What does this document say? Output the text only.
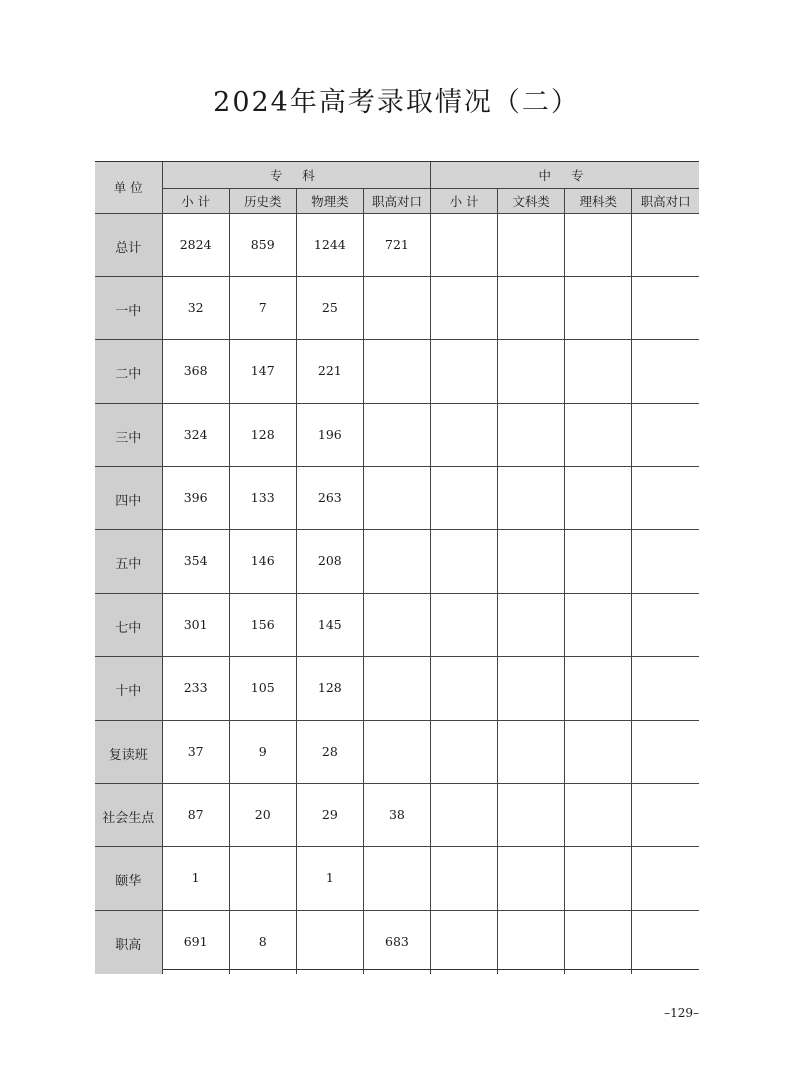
2024年高考录取情况（二）
单 位	专 科				中 专			
	小 计	历史类	物理类	职高对口	小 计	文科类	理科类	职高对口
总计	2824	859	1244	721				
一中	32	7	25					
二中	368	147	221					
三中	324	128	196					
四中	396	133	263					
五中	354	146	208					
七中	301	156	145					
十中	233	105	128					
复读班	37	9	28					
社会生点	87	20	29	38				
颐华	1		1					
职高	691	8		683				
–129–
